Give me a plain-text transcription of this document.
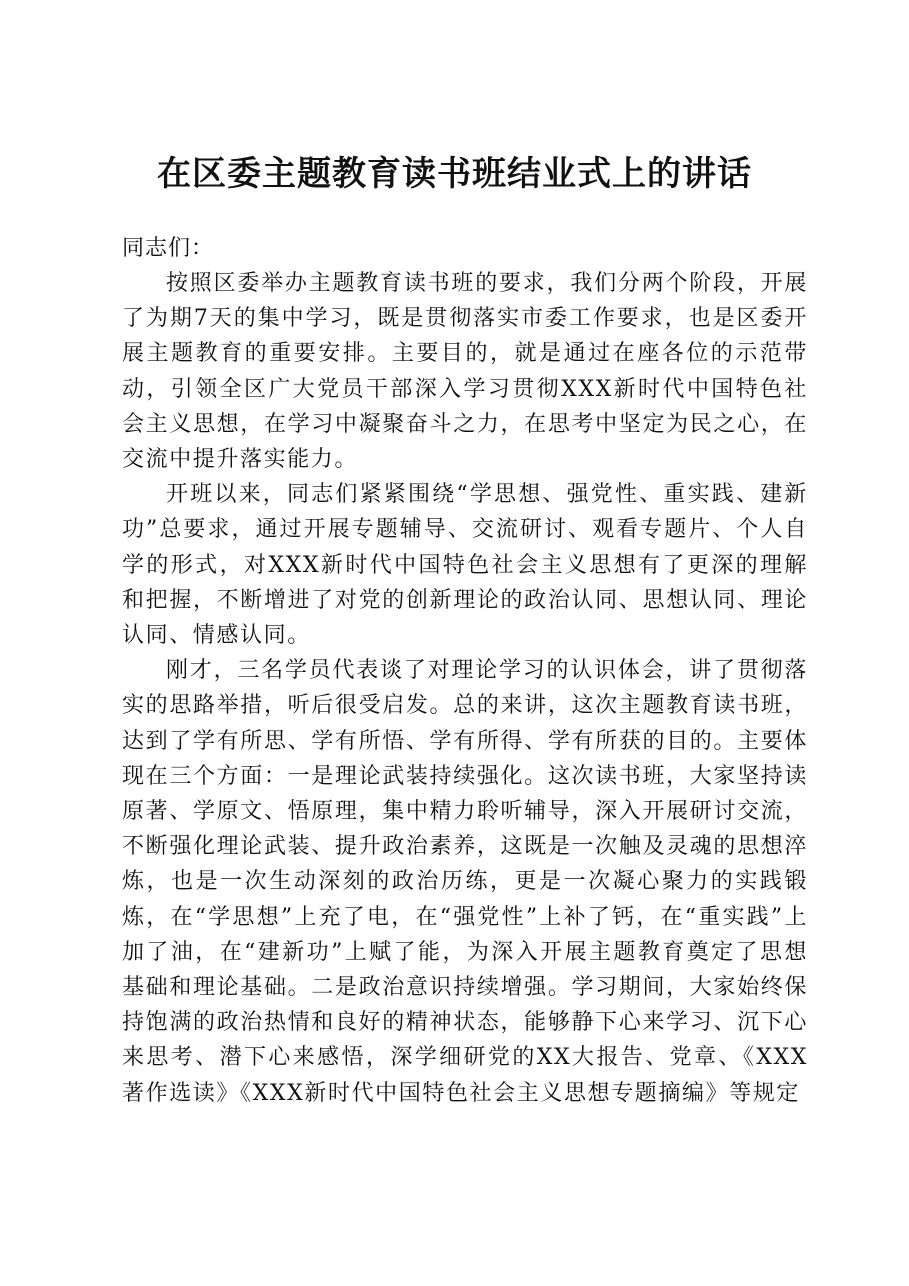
在区委主题教育读书班结业式上的讲话

同志们：

按照区委举办主题教育读书班的要求，我们分两个阶段，开展了为期7天的集中学习，既是贯彻落实市委工作要求，也是区委开展主题教育的重要安排。主要目的，就是通过在座各位的示范带动，引领全区广大党员干部深入学习贯彻XXX新时代中国特色社会主义思想，在学习中凝聚奋斗之力，在思考中坚定为民之心，在交流中提升落实能力。

开班以来，同志们紧紧围绕“学思想、强党性、重实践、建新功”总要求，通过开展专题辅导、交流研讨、观看专题片、个人自学的形式，对XXX新时代中国特色社会主义思想有了更深的理解和把握，不断增进了对党的创新理论的政治认同、思想认同、理论认同、情感认同。

刚才，三名学员代表谈了对理论学习的认识体会，讲了贯彻落实的思路举措，听后很受启发。总的来讲，这次主题教育读书班，达到了学有所思、学有所悟、学有所得、学有所获的目的。主要体现在三个方面：一是理论武装持续强化。这次读书班，大家坚持读原著、学原文、悟原理，集中精力聆听辅导，深入开展研讨交流，不断强化理论武装、提升政治素养，这既是一次触及灵魂的思想淬炼，也是一次生动深刻的政治历练，更是一次凝心聚力的实践锻炼，在“学思想”上充了电，在“强党性”上补了钙，在“重实践”上加了油，在“建新功”上赋了能，为深入开展主题教育奠定了思想基础和理论基础。二是政治意识持续增强。学习期间，大家始终保持饱满的政治热情和良好的精神状态，能够静下心来学习、沉下心来思考、潜下心来感悟，深学细研党的XX大报告、党章、《XXX著作选读》《XXX新时代中国特色社会主义思想专题摘编》等规定
